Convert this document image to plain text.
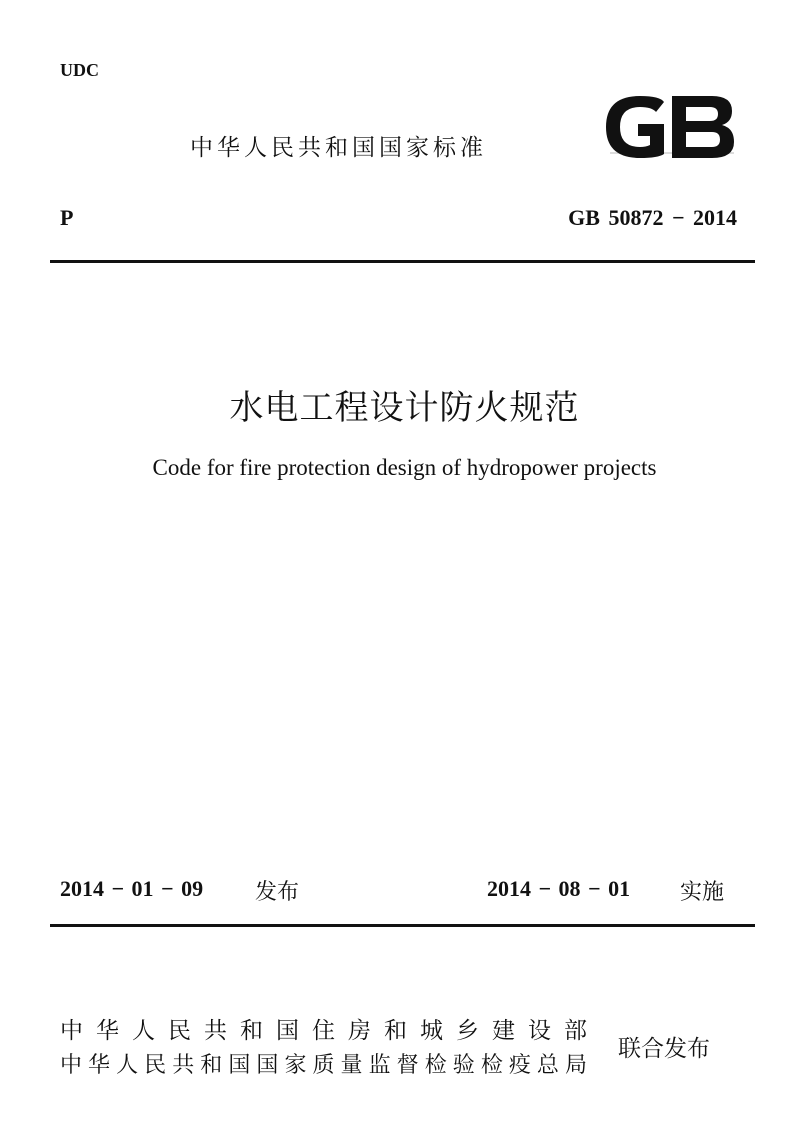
UDC
中华人民共和国国家标准
P	GB 50872 − 2014
水电工程设计防火规范
Code for fire protection design of hydropower projects
2014 − 01 − 09 发布	2014 − 08 − 01 实施
中华人民共和国住房和城乡建设部
中华人民共和国国家质量监督检验检疫总局
联合发布
